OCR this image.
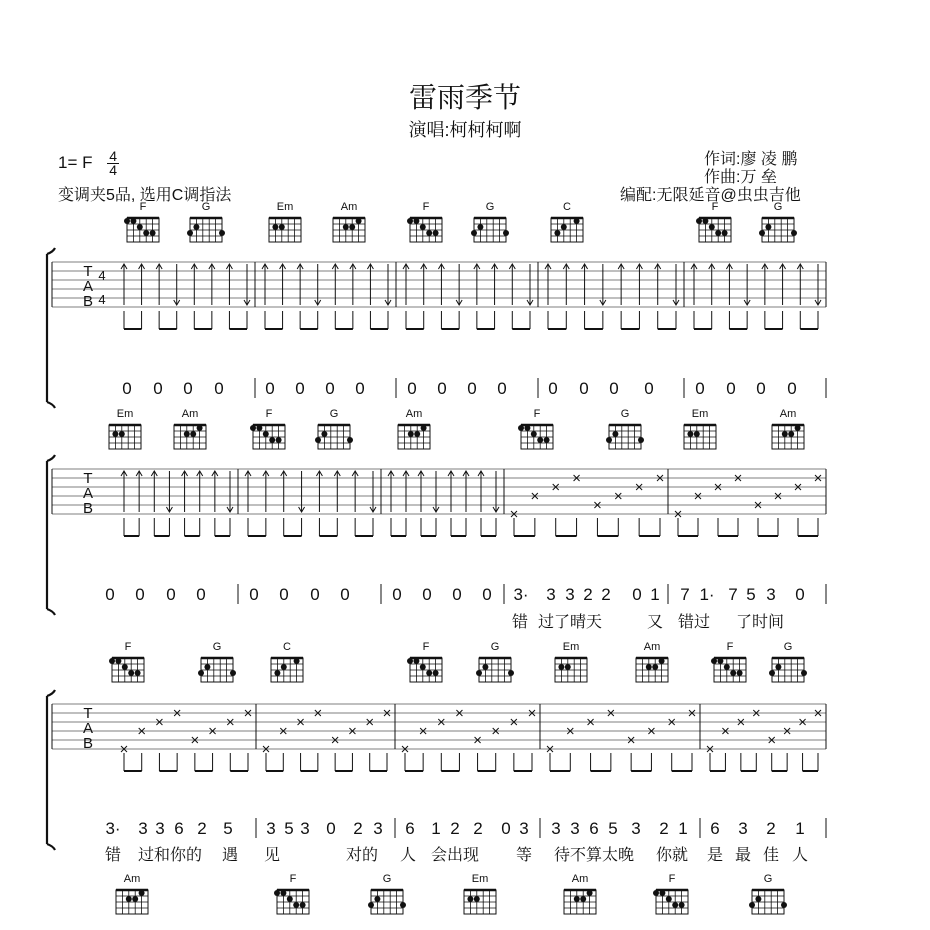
雷雨季节
演唱:柯柯柯啊
1= F $\frac{4}{4}$
变调夹5品, 选用C调指法
作词:廖 凌 鹏
作曲:万 垒
编配:无限延音@虫虫吉他
F	G	Em	Am	F	G	C	F	G
T
A
B
4
4
0 0 0 0 0 0 0 0	0 0 0 0 0 0 0 0 0 0 0 0
Em	Am	F	G	Am	F	G	Em	Am
T
A
B
0 0 0 0	0 0 0 0	0 0 0 0 3· 3 3 2 2 0 1 7 1· 7 5 3 0
错 过了晴天	又 错过 了时间
F	G	C	F	G	Em	Am	F	G
T
A
B
3· 3 3 6 2 5 3 5 3 0 2 3 6 1 2 2 0 3 3 3 6 5 3 2 1 6 3 2 1
错 过和你的 遇 见	对的 人 会出现 等 待不算太晚 你就 是 最 佳 人
Am	F	G	Em	Am	F	G
